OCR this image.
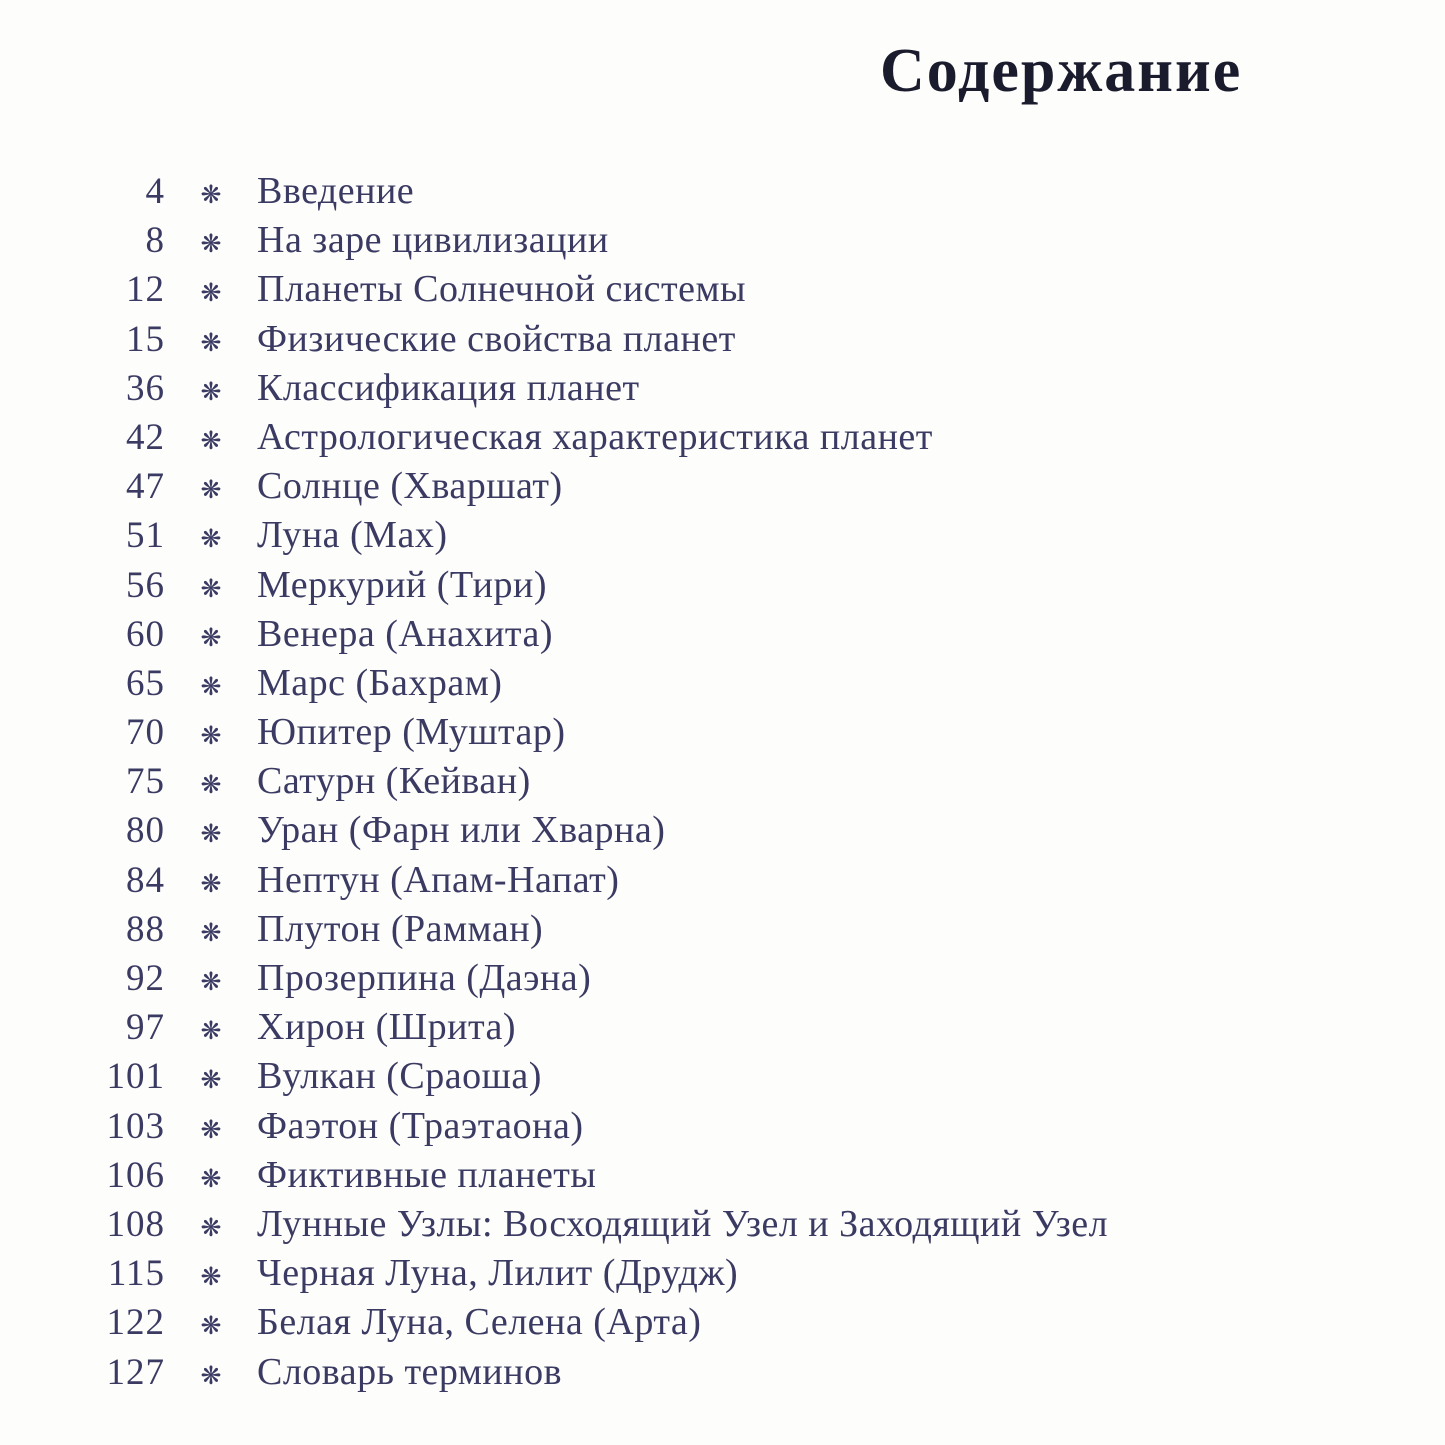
Содержание
4	❋ Введение
8	❋ На заре цивилизации
12	❋ Планеты Солнечной системы
15	❋ Физические свойства планет
36	❋ Классификация планет
42	❋ Астрологическая характеристика планет
47	❋ Солнце (Хваршат)
51	❋ Луна (Мах)
56	❋ Меркурий (Тири)
60	❋ Венера (Анахита)
65	❋ Марс (Бахрам)
70	❋ Юпитер (Муштар)
75	❋ Сатурн (Кейван)
80	❋ Уран (Фарн или Хварна)
84	❋ Нептун (Апам-Напат)
88	❋ Плутон (Рамман)
92	❋ Прозерпина (Даэна)
97	❋ Хирон (Шрита)
101	❋ Вулкан (Сраоша)
103	❋ Фаэтон (Траэтаона)
106	❋ Фиктивные планеты
108	❋ Лунные Узлы: Восходящий Узел и Заходящий Узел
115	❋ Черная Луна, Лилит (Друдж)
122	❋ Белая Луна, Селена (Арта)
127	❋ Словарь терминов
